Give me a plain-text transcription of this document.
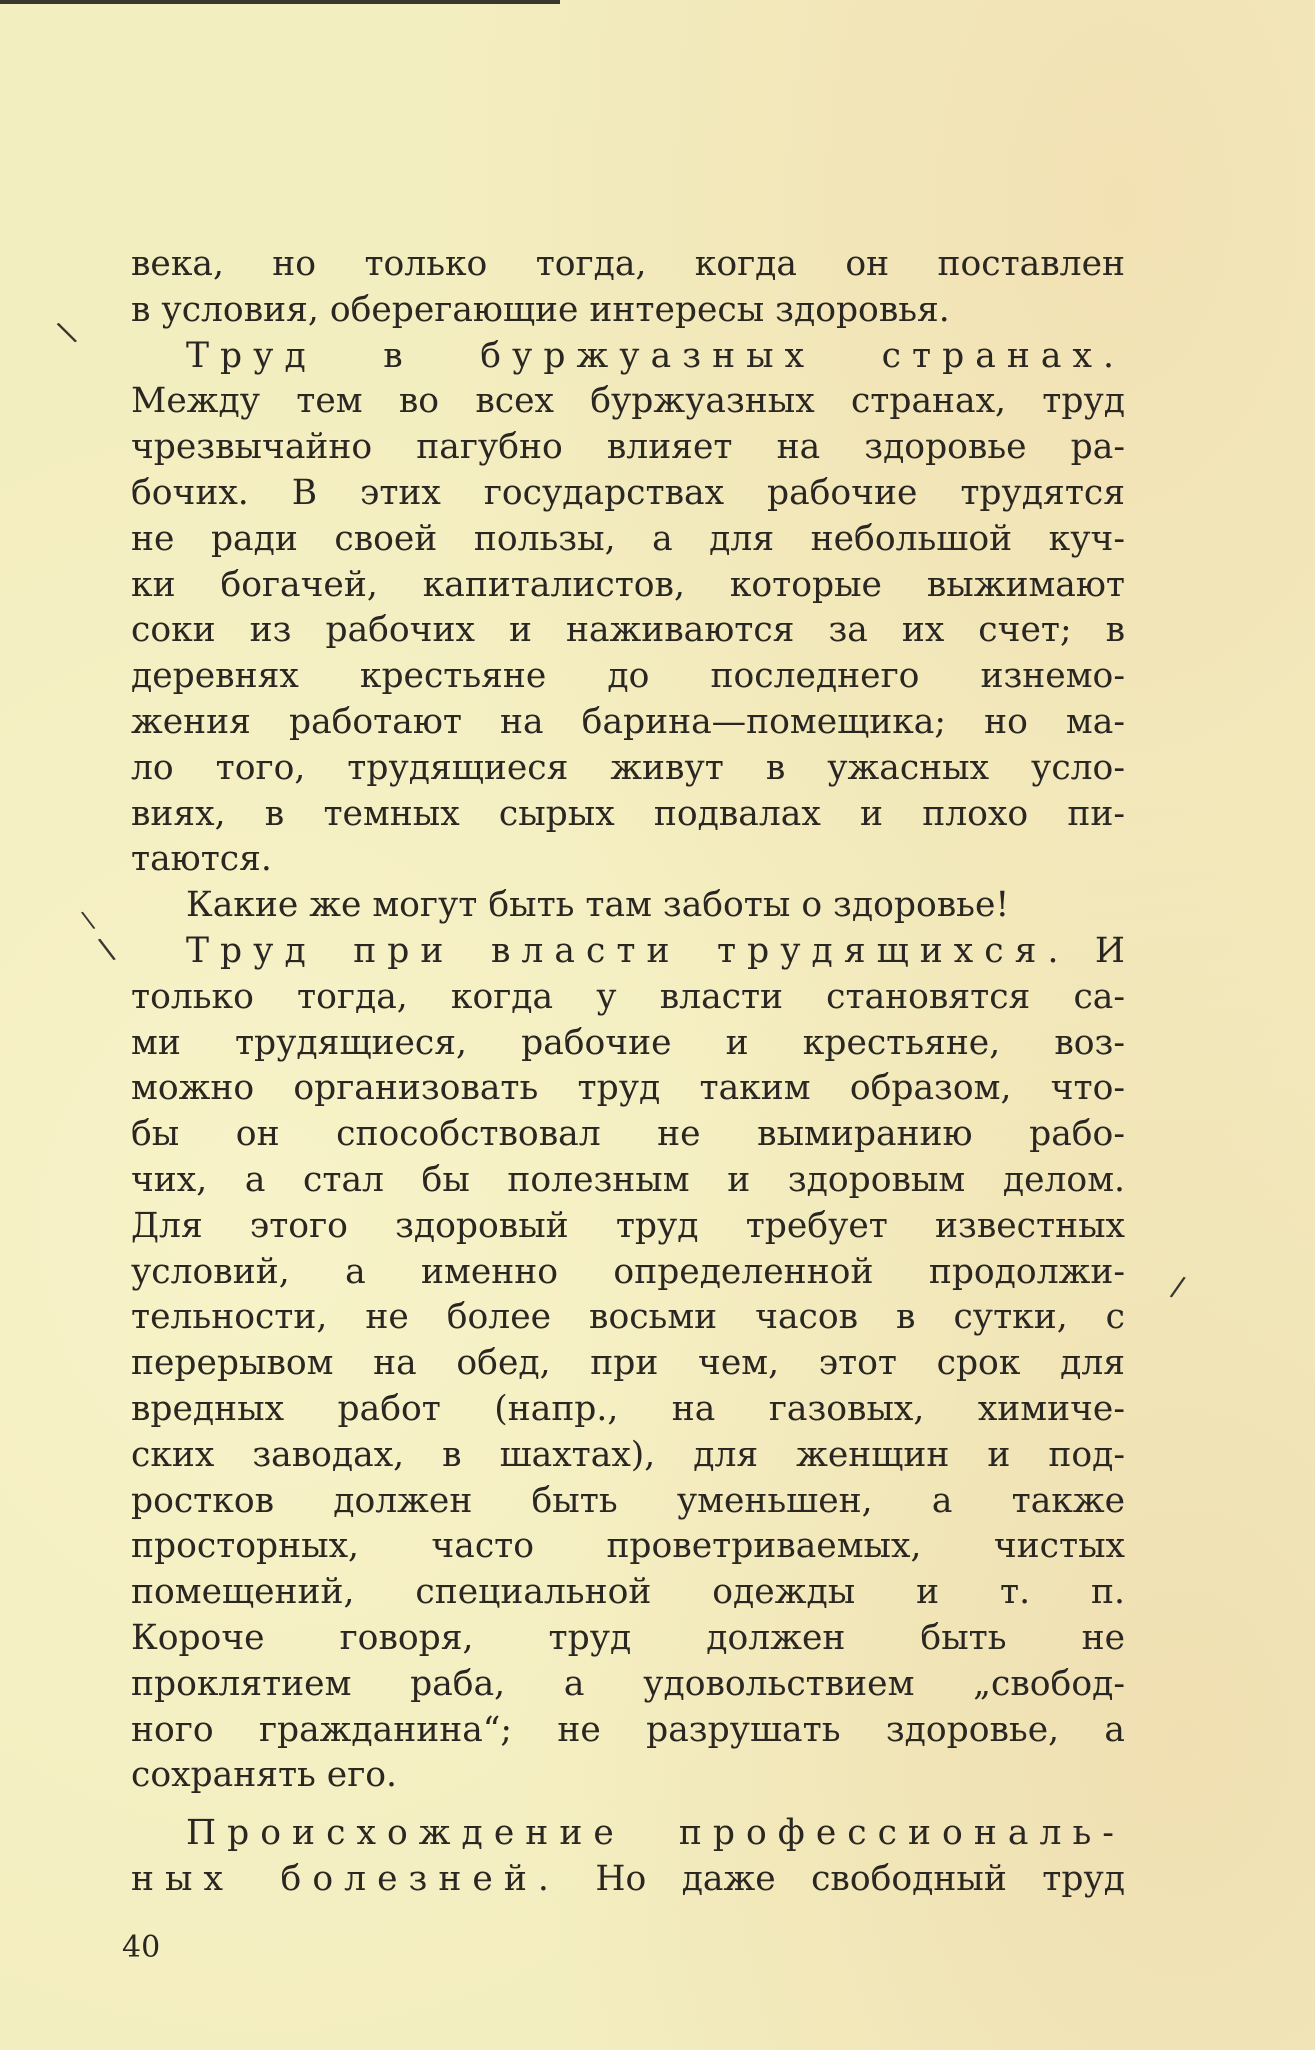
века, но только тогда, когда он поставлен
в условия, оберегающие интересы здоровья.
Труд в буржуазных странах.
Между тем во всех буржуазных странах, труд
чрезвычайно пагубно влияет на здоровье ра-
бочих. В этих государствах рабочие трудятся
не ради своей пользы, а для небольшой куч-
ки богачей, капиталистов, которые выжимают
соки из рабочих и наживаются за их счет; в
деревнях крестьяне до последнего изнемо-
жения работают на барина—помещика; но ма-
ло того, трудящиеся живут в ужасных усло-
виях, в темных сырых подвалах и плохо пи-
таются.
Какие же могут быть там заботы о здоровье!
Труд при власти трудящихся. И
только тогда, когда у власти становятся са-
ми трудящиеся, рабочие и крестьяне, воз-
можно организовать труд таким образом, что-
бы он способствовал не вымиранию рабо-
чих, а стал бы полезным и здоровым делом.
Для этого здоровый труд требует известных
условий, а именно определенной продолжи-
тельности, не более восьми часов в сутки, с
перерывом на обед, при чем, этот срок для
вредных работ (напр., на газовых, химиче-
ских заводах, в шахтах), для женщин и под-
ростков должен быть уменьшен, а также
просторных, часто проветриваемых, чистых
помещений, специальной одежды и т. п.
Короче говоря, труд должен быть не
проклятием раба, а удовольствием „свобод-
ного гражданина“; не разрушать здоровье, а
сохранять его.
Происхождение профессиональ-
ных болезней. Но даже свободный труд
40
\
\
\
/
